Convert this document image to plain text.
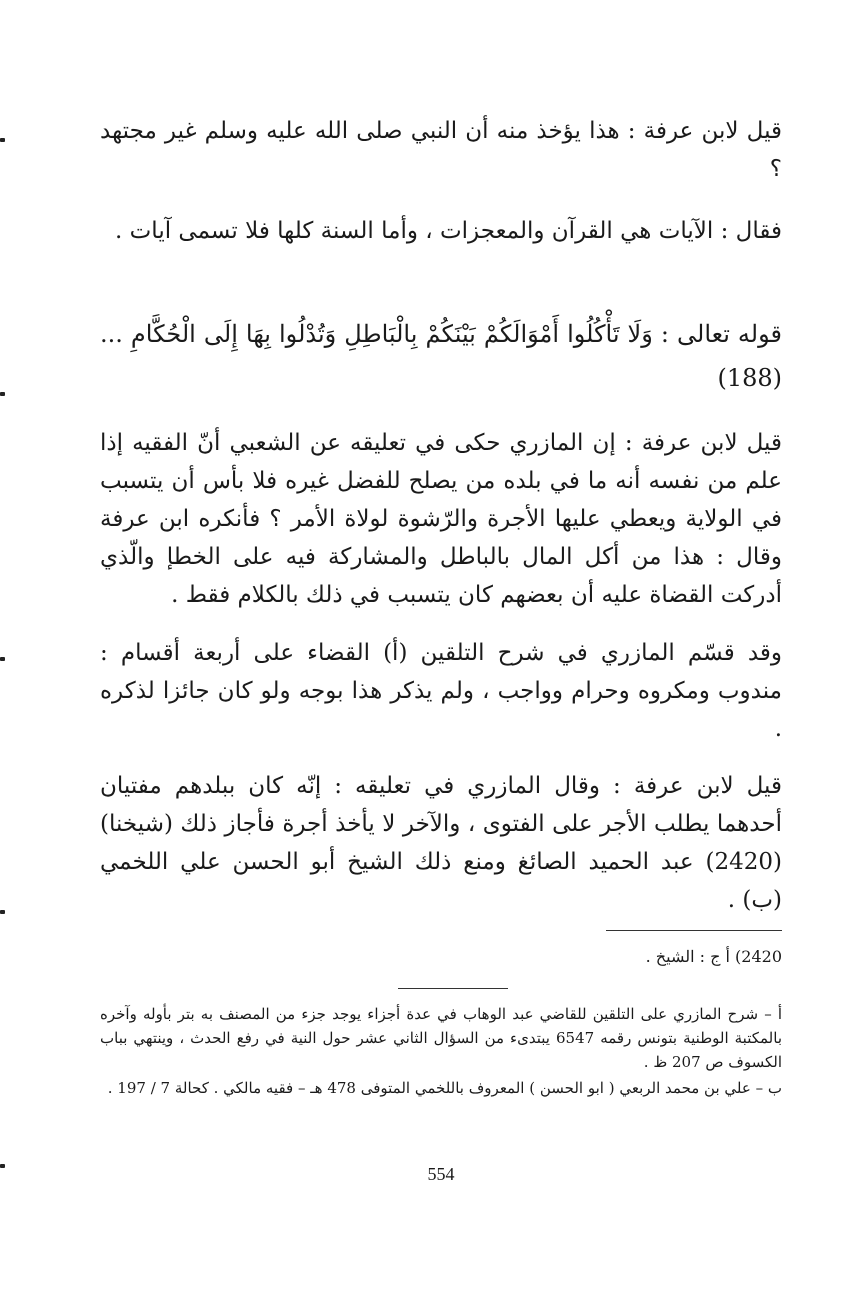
قيل لابن عرفة : هذا يؤخذ منه أن النبي صلى الله عليه وسلم غير مجتهد ؟

فقال : الآيات هي القرآن والمعجزات ، وأما السنة كلها فلا تسمى آيات .

قوله تعالى : وَلَا تَأْكُلُوا أَمْوَالَكُمْ بَيْنَكُمْ بِالْبَاطِلِ وَتُدْلُوا بِهَا إِلَى الْحُكَّامِ ... (188)

قيل لابن عرفة : إن المازري حكى في تعليقه عن الشعبي أنّ الفقيه إذا علم من نفسه أنه ما في بلده من يصلح للفضل غيره فلا بأس أن يتسبب في الولاية ويعطي عليها الأجرة والرّشوة لولاة الأمر ؟ فأنكره ابن عرفة وقال : هذا من أكل المال بالباطل والمشاركة فيه على الخطإ والّذي أدركت القضاة عليه أن بعضهم كان يتسبب في ذلك بالكلام فقط .

وقد قسّم المازري في شرح التلقين (أ) القضاء على أربعة أقسام : مندوب ومكروه وحرام وواجب ، ولم يذكر هذا بوجه ولو كان جائزا لذكره .

قيل لابن عرفة : وقال المازري في تعليقه : إنّه كان ببلدهم مفتيان أحدهما يطلب الأجر على الفتوى ، والآخر لا يأخذ أجرة فأجاز ذلك (شيخنا) (2420) عبد الحميد الصائغ ومنع ذلك الشيخ أبو الحسن علي اللخمي (ب) .

2420) أ ج : الشيخ .

أ – شرح المازري على التلقين للقاضي عبد الوهاب في عدة أجزاء يوجد جزء من المصنف به بتر بأوله وآخره بالمكتبة الوطنية بتونس رقمه 6547 يبتدىء من السؤال الثاني عشر حول النية في رفع الحدث ، وينتهي بباب الكسوف ص 207 ظ .

ب – علي بن محمد الربعي ( ابو الحسن ) المعروف باللخمي المتوفى 478 هـ – فقيه مالكي . كحالة 7 / 197 .

554
